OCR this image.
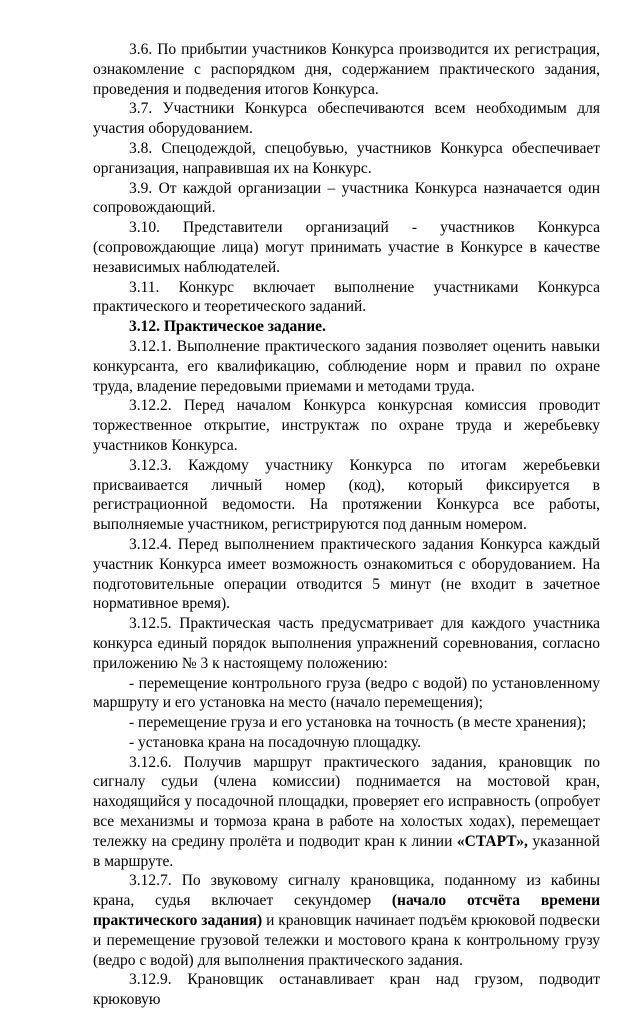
3.6. По прибытии участников Конкурса производится их регистрация, ознакомление с распорядком дня, содержанием практического задания, проведения и подведения итогов Конкурса.

3.7. Участники Конкурса обеспечиваются всем необходимым для участия оборудованием.

3.8. Спецодеждой, спецобувью, участников Конкурса обеспечивает организация, направившая их на Конкурс.

3.9. От каждой организации – участника Конкурса назначается один сопровождающий.

3.10. Представители организаций - участников Конкурса (сопровождающие лица) могут принимать участие в Конкурсе в качестве независимых наблюдателей.

3.11. Конкурс включает выполнение участниками Конкурса практического и теоретического заданий.

3.12. Практическое задание.

3.12.1. Выполнение практического задания позволяет оценить навыки конкурсанта, его квалификацию, соблюдение норм и правил по охране труда, владение передовыми приемами и методами труда.

3.12.2. Перед началом Конкурса конкурсная комиссия проводит торжественное открытие, инструктаж по охране труда и жеребьевку участников Конкурса.

3.12.3. Каждому участнику Конкурса по итогам жеребьевки присваивается личный номер (код), который фиксируется в регистрационной ведомости. На протяжении Конкурса все работы, выполняемые участником, регистрируются под данным номером.

3.12.4. Перед выполнением практического задания Конкурса каждый участник Конкурса имеет возможность ознакомиться с оборудованием. На подготовительные операции отводится 5 минут (не входит в зачетное нормативное время).

3.12.5. Практическая часть предусматривает для каждого участника конкурса единый порядок выполнения упражнений соревнования, согласно приложению № 3 к настоящему положению:

- перемещение контрольного груза (ведро с водой) по установленному маршруту и его установка на место (начало перемещения);

- перемещение груза и его установка на точность (в месте хранения);

- установка крана на посадочную площадку.

3.12.6. Получив маршрут практического задания, крановщик по сигналу судьи (члена комиссии) поднимается на мостовой кран, находящийся у посадочной площадки, проверяет его исправность (опробует все механизмы и тормоза крана в работе на холостых ходах), перемещает тележку на средину пролёта и подводит кран к линии «СТАРТ», указанной в маршруте.

3.12.7. По звуковому сигналу крановщика, поданному из кабины крана, судья включает секундомер (начало отсчёта времени практического задания) и крановщик начинает подъём крюковой подвески и перемещение грузовой тележки и мостового крана к контрольному грузу (ведро с водой) для выполнения практического задания.

3.12.9. Крановщик останавливает кран над грузом, подводит крюковую
